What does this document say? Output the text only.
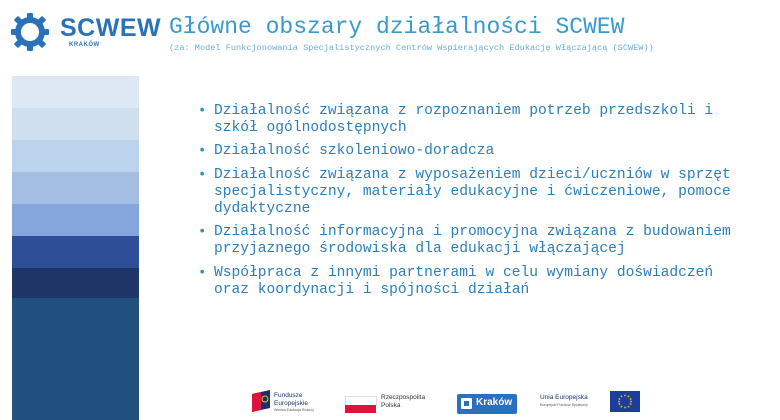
SCWEW
KRAKÓW
Główne obszary działalności SCWEW
(za: Model Funkcjonowania Specjalistycznych Centrów Wspierających Edukację Włączającą (SCWEW))
• Działalność związana z rozpoznaniem potrzeb przedszkoli i szkół ogólnodostępnych
• Działalność szkoleniowo-doradcza
• Działalność związana z wyposażeniem dzieci/uczniów w sprzęt specjalistyczny, materiały edukacyjne i ćwiczeniowe, pomoce dydaktyczne
• Działalność informacyjna i promocyjna związana z budowaniem przyjaznego środowiska dla edukacji włączającej
• Współpraca z innymi partnerami w celu wymiany doświadczeń oraz koordynacji i spójności działań
Fundusze
Europejskie
Wiedza Edukacja Rozwój
Rzeczpospolita
Polska	Kraków	Unia Europejska
Europejski Fundusz Społeczny
